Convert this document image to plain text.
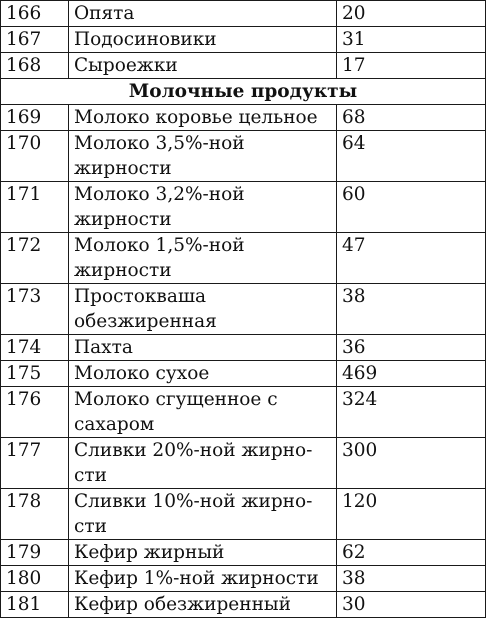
166	Опята	20
167	Подосиновики	31
168	Сыроежки	17
Молочные продукты		
169	Молоко коровье цельное	68
170	Молоко 3,5%-ной жирности	64
171	Молоко 3,2%-ной жирности	60
172	Молоко 1,5%-ной жирности	47
173	Простокваша обезжиренная	38
174	Пахта	36
175	Молоко сухое	469
176	Молоко сгущенное с сахаром	324
177	Сливки 20%-ной жирно-сти	300
178	Сливки 10%-ной жирно-сти	120
179	Кефир жирный	62
180	Кефир 1%-ной жирности	38
181	Кефир обезжиренный	30
